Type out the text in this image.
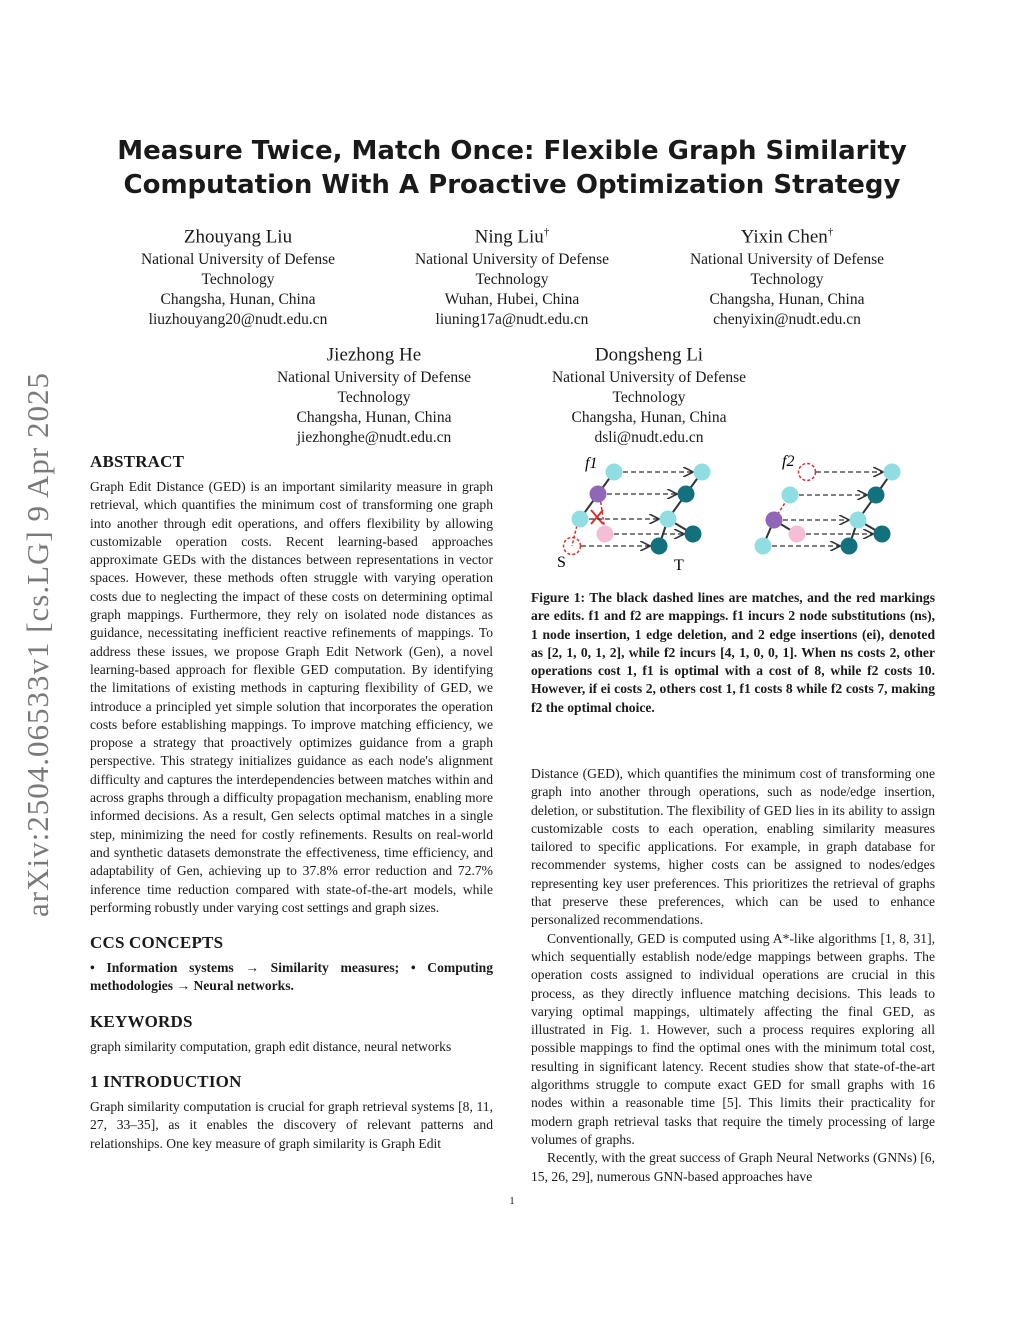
arXiv:2504.06533v1 [cs.LG] 9 Apr 2025
Measure Twice, Match Once: Flexible Graph Similarity
Computation With A Proactive Optimization Strategy
Zhouyang Liu
National University of Defense
Technology
Changsha, Hunan, China
liuzhouyang20@nudt.edu.cn
Ning Liu†
National University of Defense
Technology
Wuhan, Hubei, China
liuning17a@nudt.edu.cn
Yixin Chen†
National University of Defense
Technology
Changsha, Hunan, China
chenyixin@nudt.edu.cn
Jiezhong He
National University of Defense
Technology
Changsha, Hunan, China
jiezhonghe@nudt.edu.cn
Dongsheng Li
National University of Defense
Technology
Changsha, Hunan, China
dsli@nudt.edu.cn
ABSTRACT
Graph Edit Distance (GED) is an important similarity measure in graph retrieval, which quantifies the minimum cost of transforming one graph into another through edit operations, and offers flexibility by allowing customizable operation costs. Recent learning-based approaches approximate GEDs with the distances between representations in vector spaces. However, these methods often struggle with varying operation costs due to neglecting the impact of these costs on determining optimal graph mappings. Furthermore, they rely on isolated node distances as guidance, necessitating inefficient reactive refinements of mappings. To address these issues, we propose Graph Edit Network (Gen), a novel learning-based approach for flexible GED computation. By identifying the limitations of existing methods in capturing flexibility of GED, we introduce a principled yet simple solution that incorporates the operation costs before establishing mappings. To improve matching efficiency, we propose a strategy that proactively optimizes guidance from a graph perspective. This strategy initializes guidance as each node's alignment difficulty and captures the interdependencies between matches within and across graphs through a difficulty propagation mechanism, enabling more informed decisions. As a result, Gen selects optimal matches in a single step, minimizing the need for costly refinements. Results on real-world and synthetic datasets demonstrate the effectiveness, time efficiency, and adaptability of Gen, achieving up to 37.8% error reduction and 72.7% inference time reduction compared with state-of-the-art models, while performing robustly under varying cost settings and graph sizes.
CCS CONCEPTS
• Information systems → Similarity measures; • Computing methodologies → Neural networks.
KEYWORDS
graph similarity computation, graph edit distance, neural networks
1 INTRODUCTION
Graph similarity computation is crucial for graph retrieval systems [8, 11, 27, 33–35], as it enables the discovery of relevant patterns and relationships. One key measure of graph similarity is Graph Edit
f1
S	T
f2
Figure 1: The black dashed lines are matches, and the red markings are edits. f1 and f2 are mappings. f1 incurs 2 node substitutions (ns), 1 node insertion, 1 edge deletion, and 2 edge insertions (ei), denoted as [2, 1, 0, 1, 2], while f2 incurs [4, 1, 0, 0, 1]. When ns costs 2, other operations cost 1, f1 is optimal with a cost of 8, while f2 costs 10. However, if ei costs 2, others cost 1, f1 costs 8 while f2 costs 7, making f2 the optimal choice.
Distance (GED), which quantifies the minimum cost of transforming one graph into another through operations, such as node/edge insertion, deletion, or substitution. The flexibility of GED lies in its ability to assign customizable costs to each operation, enabling similarity measures tailored to specific applications. For example, in graph database for recommender systems, higher costs can be assigned to nodes/edges representing key user preferences. This prioritizes the retrieval of graphs that preserve these preferences, which can be used to enhance personalized recommendations.
Conventionally, GED is computed using A*-like algorithms [1, 8, 31], which sequentially establish node/edge mappings between graphs. The operation costs assigned to individual operations are crucial in this process, as they directly influence matching decisions. This leads to varying optimal mappings, ultimately affecting the final GED, as illustrated in Fig. 1. However, such a process requires exploring all possible mappings to find the optimal ones with the minimum total cost, resulting in significant latency. Recent studies show that state-of-the-art algorithms struggle to compute exact GED for small graphs with 16 nodes within a reasonable time [5]. This limits their practicality for modern graph retrieval tasks that require the timely processing of large volumes of graphs.
Recently, with the great success of Graph Neural Networks (GNNs) [6, 15, 26, 29], numerous GNN-based approaches have
1
